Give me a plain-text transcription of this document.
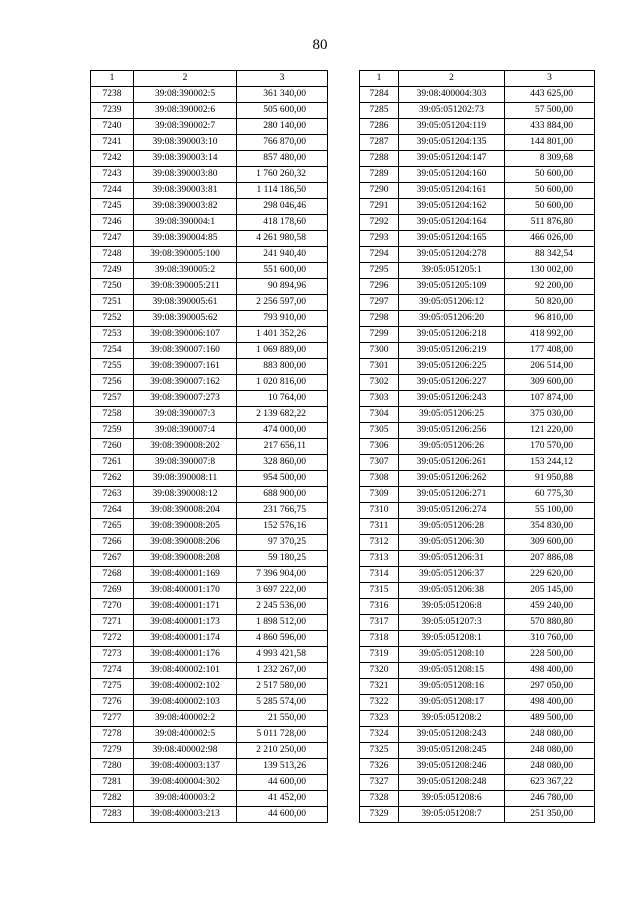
80
1	2	3
7238	39:08:390002:5	361 340,00
7239	39:08:390002:6	505 600,00
7240	39:08:390002:7	280 140,00
7241	39:08:390003:10	766 870,00
7242	39:08:390003:14	857 480,00
7243	39:08:390003:80	1 760 260,32
7244	39:08:390003:81	1 114 186,50
7245	39:08:390003:82	298 046,46
7246	39:08:390004:1	418 178,60
7247	39:08:390004:85	4 261 980,58
7248	39:08:390005:100	241 940,40
7249	39:08:390005:2	551 600,00
7250	39:08:390005:211	90 894,96
7251	39:08:390005:61	2 256 597,00
7252	39:08:390005:62	793 910,00
7253	39:08:390006:107	1 401 352,26
7254	39:08:390007:160	1 069 889,00
7255	39:08:390007:161	883 800,00
7256	39:08:390007:162	1 020 816,00
7257	39:08:390007:273	10 764,00
7258	39:08:390007:3	2 139 682,22
7259	39:08:390007:4	474 000,00
7260	39:08:390008:202	217 656,11
7261	39:08:390007:8	328 860,00
7262	39:08:390008:11	954 500,00
7263	39:08:390008:12	688 900,00
7264	39:08:390008:204	231 766,75
7265	39:08:390008:205	152 576,16
7266	39:08:390008:206	97 370,25
7267	39:08:390008:208	59 180,25
7268	39:08:400001:169	7 396 904,00
7269	39:08:400001:170	3 697 222,00
7270	39:08:400001:171	2 245 536,00
7271	39:08:400001:173	1 898 512,00
7272	39:08:400001:174	4 860 596,00
7273	39:08:400001:176	4 993 421,58
7274	39:08:400002:101	1 232 267,00
7275	39:08:400002:102	2 517 580,00
7276	39:08:400002:103	5 285 574,00
7277	39:08:400002:2	21 550,00
7278	39:08:400002:5	5 011 728,00
7279	39:08:400002:98	2 210 250,00
7280	39:08:400003:137	139 513,26
7281	39:08:400004:302	44 600,00
7282	39:08:400003:2	41 452,00
7283	39:08:400003:213	44 600,00
1	2	3
7284	39:08:400004:303	443 625,00
7285	39:05:051202:73	57 500,00
7286	39:05:051204:119	433 884,00
7287	39:05:051204:135	144 801,00
7288	39:05:051204:147	8 309,68
7289	39:05:051204:160	50 600,00
7290	39:05:051204:161	50 600,00
7291	39:05:051204:162	50 600,00
7292	39:05:051204:164	511 876,80
7293	39:05:051204:165	466 026,00
7294	39:05:051204:278	88 342,54
7295	39:05:051205:1	130 002,00
7296	39:05:051205:109	92 200,00
7297	39:05:051206:12	50 820,00
7298	39:05:051206:20	96 810,00
7299	39:05:051206:218	418 992,00
7300	39:05:051206:219	177 408,00
7301	39:05:051206:225	206 514,00
7302	39:05:051206:227	309 600,00
7303	39:05:051206:243	107 874,00
7304	39:05:051206:25	375 030,00
7305	39:05:051206:256	121 220,00
7306	39:05:051206:26	170 570,00
7307	39:05:051206:261	153 244,12
7308	39:05:051206:262	91 950,88
7309	39:05:051206:271	60 775,30
7310	39:05:051206:274	55 100,00
7311	39:05:051206:28	354 830,00
7312	39:05:051206:30	309 600,00
7313	39:05:051206:31	207 886,08
7314	39:05:051206:37	229 620,00
7315	39:05:051206:38	205 145,00
7316	39:05:051206:8	459 240,00
7317	39:05:051207:3	570 880,80
7318	39:05:051208:1	310 760,00
7319	39:05:051208:10	228 500,00
7320	39:05:051208:15	498 400,00
7321	39:05:051208:16	297 050,00
7322	39:05:051208:17	498 400,00
7323	39:05:051208:2	489 500,00
7324	39:05:051208:243	248 080,00
7325	39:05:051208:245	248 080,00
7326	39:05:051208:246	248 080,00
7327	39:05:051208:248	623 367,22
7328	39:05:051208:6	246 780,00
7329	39:05:051208:7	251 350,00
